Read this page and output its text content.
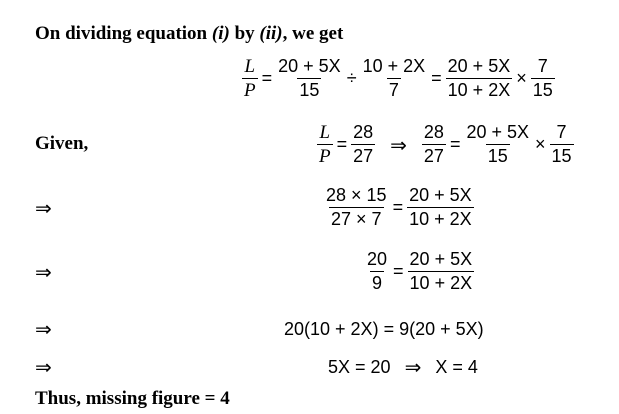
On dividing equation (i) by (ii), we get
$\frac{L}{P} = \frac{20 + 5X}{15} \div \frac{10 + 2X}{7} = \frac{20 + 5X}{10 + 2X} \times \frac{7}{15}$
Given,	$\frac{L}{P} = \frac{28}{27}$ ⇒ $\frac{28}{27} = \frac{20 + 5X}{15} \times \frac{7}{15}$
⇒	$\frac{28 \times 15}{27 \times 7} = \frac{20 + 5X}{10 + 2X}$
⇒	$\frac{20}{9} = \frac{20 + 5X}{10 + 2X}$
⇒	20(10 + 2X) = 9(20 + 5X)
⇒	5X = 20 ⇒ X = 4
Thus, missing figure = 4
